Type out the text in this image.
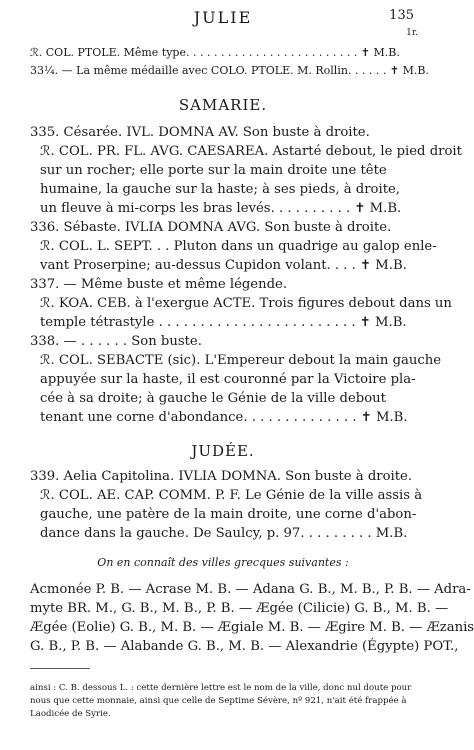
JULIE	135
1r.
ℛ. COL. PTOLE. Même type. . . . . . . . . . . . . . . . . . . . . . . . . ✝ M.B.
33¼. — La même médaille avec COLO. PTOLE. M. Rollin. . . . . . ✝ M.B.
SAMARIE.
335. Césarée. IVL. DOMNA AV. Son buste à droite.
ℛ. COL. PR. FL. AVG. CAESAREA. Astarté debout, le pied droit
sur un rocher; elle porte sur la main droite une tête
humaine, la gauche sur la haste; à ses pieds, à droite,
un fleuve à mi-corps les bras levés. . . . . . . . . . ✝ M.B.
336. Sébaste. IVLIA DOMNA AVG. Son buste à droite.
ℛ. COL. L. SEPT. . . Pluton dans un quadrige au galop enle-
vant Proserpine; au-dessus Cupidon volant. . . . ✝ M.B.
337. — Même buste et même légende.
ℛ. KOA. CEB. à l'exergue ACTE. Trois figures debout dans un
temple tétrastyle . . . . . . . . . . . . . . . . . . . . . . . . ✝ M.B.
338. — . . . . . . Son buste.
ℛ. COL. SEBACTE (sic). L'Empereur debout la main gauche
appuyée sur la haste, il est couronné par la Victoire pla-
cée à sa droite; à gauche le Génie de la ville debout
tenant une corne d'abondance. . . . . . . . . . . . . . ✝ M.B.
JUDÉE.
339. Aelia Capitolina. IVLIA DOMNA. Son buste à droite.
ℛ. COL. AE. CAP. COMM. P. F. Le Génie de la ville assis à
gauche, une patère de la main droite, une corne d'abon-
dance dans la gauche. De Saulcy, p. 97. . . . . . . . . M.B.
On en connaît des villes grecques suivantes :
Acmonée P. B. — Acrase M. B. — Adana G. B., M. B., P. B. — Adra-
myte BR. M., G. B., M. B., P. B. — Ægée (Cilicie) G. B., M. B. —
Ægée (Eolie) G. B., M. B. — Ægiale M. B. — Ægire M. B. — Æzanis
G. B., P. B. — Alabande G. B., M. B. — Alexandrie (Égypte) POT.,
ainsi : C. B. dessous L. : cette dernière lettre est le nom de la ville, donc nul doute pour
nous que cette monnaie, ainsi que celle de Septime Sévère, nº 921, n'ait été frappée à
Laodicée de Syrie.
